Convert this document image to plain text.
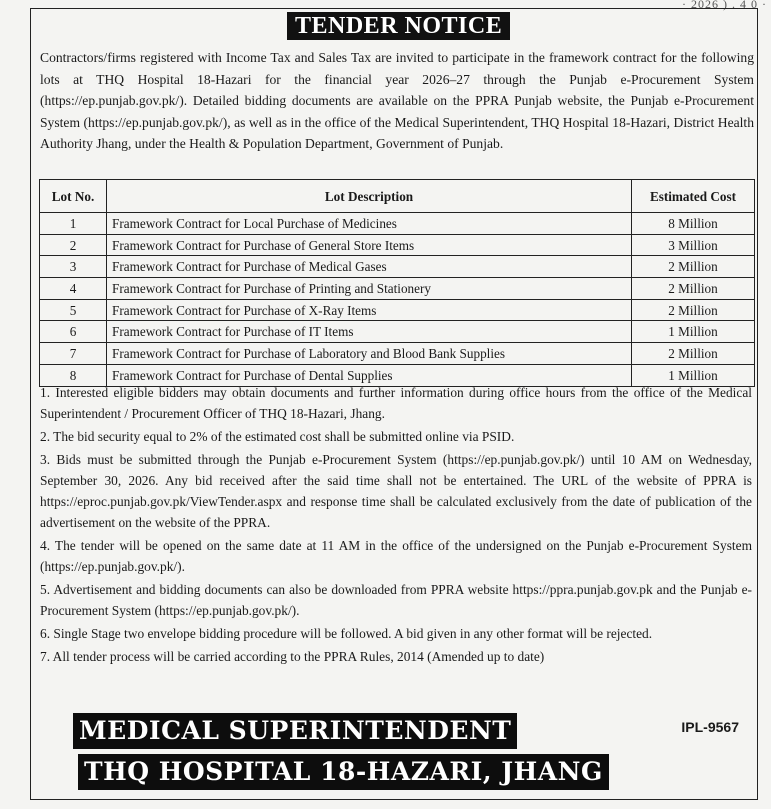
· 2026 ) . 4 0 ·
TENDER NOTICE

Contractors/firms registered with Income Tax and Sales Tax are invited to participate in the framework contract for the following lots at THQ Hospital 18-Hazari for the financial year 2026–27 through the Punjab e-Procurement System (https://ep.punjab.gov.pk/). Detailed bidding documents are available on the PPRA Punjab website, the Punjab e-Procurement System (https://ep.punjab.gov.pk/), as well as in the office of the Medical Superintendent, THQ Hospital 18-Hazari, District Health Authority Jhang, under the Health & Population Department, Government of Punjab.

Lot No.	Lot Description	Estimated Cost
1	Framework Contract for Local Purchase of Medicines	8 Million
2	Framework Contract for Purchase of General Store Items	3 Million
3	Framework Contract for Purchase of Medical Gases	2 Million
4	Framework Contract for Purchase of Printing and Stationery	2 Million
5	Framework Contract for Purchase of X-Ray Items	2 Million
6	Framework Contract for Purchase of IT Items	1 Million
7	Framework Contract for Purchase of Laboratory and Blood Bank Supplies	2 Million
8	Framework Contract for Purchase of Dental Supplies	1 Million
1. Interested eligible bidders may obtain documents and further information during office hours from the office of the Medical Superintendent / Procurement Officer of THQ 18-Hazari, Jhang.
2. The bid security equal to 2% of the estimated cost shall be submitted online via PSID.
3. Bids must be submitted through the Punjab e-Procurement System (https://ep.punjab.gov.pk/) until 10 AM on Wednesday, September 30, 2026. Any bid received after the said time shall not be entertained. The URL of the website of PPRA is https://eproc.punjab.gov.pk/ViewTender.aspx and response time shall be calculated exclusively from the date of publication of the advertisement on the website of the PPRA.
4. The tender will be opened on the same date at 11 AM in the office of the undersigned on the Punjab e-Procurement System (https://ep.punjab.gov.pk/).
5. Advertisement and bidding documents can also be downloaded from PPRA website https://ppra.punjab.gov.pk and the Punjab e-Procurement System (https://ep.punjab.gov.pk/).
6. Single Stage two envelope bidding procedure will be followed. A bid given in any other format will be rejected.
7. All tender process will be carried according to the PPRA Rules, 2014 (Amended up to date)
MEDICAL SUPERINTENDENT
THQ HOSPITAL 18-HAZARI, JHANG
IPL-9567
